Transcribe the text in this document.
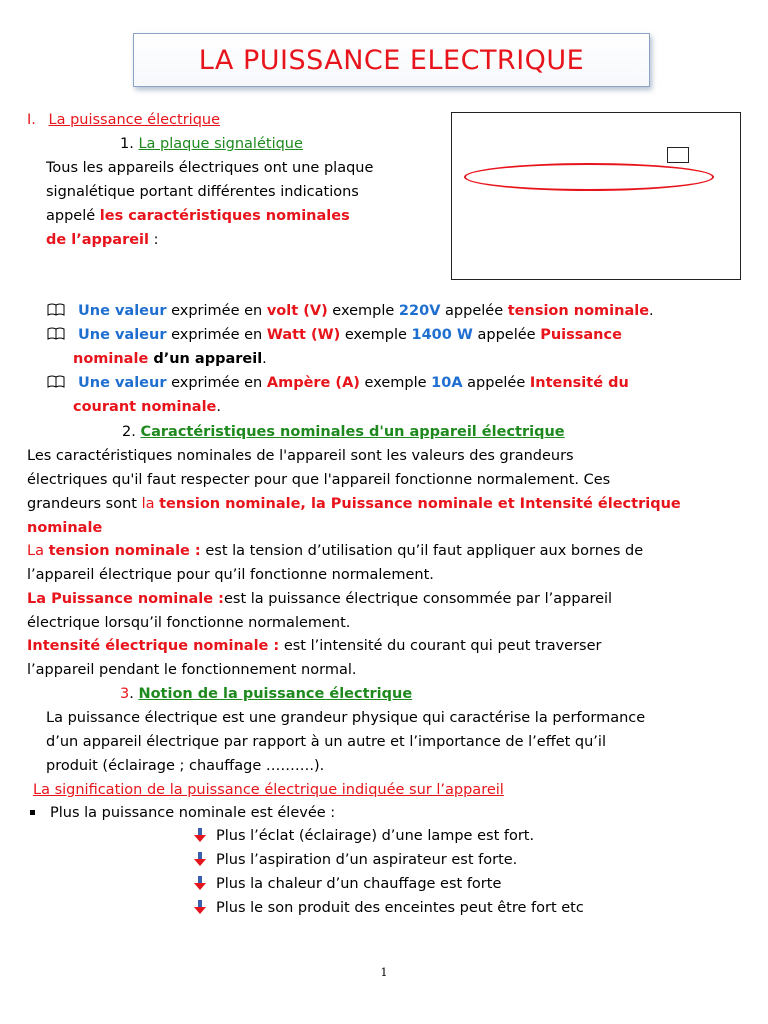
LA PUISSANCE ELECTRIQUE
I. La puissance électrique
1. La plaque signalétique
Tous les appareils électriques ont une plaque
signalétique portant différentes indications
appelé les caractéristiques nominales
de l’appareil :
Une valeur exprimée en volt (V) exemple 220V appelée tension nominale.
Une valeur exprimée en Watt (W) exemple 1400 W appelée Puissance
nominale d’un appareil.
Une valeur exprimée en Ampère (A) exemple 10A appelée Intensité du
courant nominale.
2. Caractéristiques nominales d'un appareil électrique
Les caractéristiques nominales de l'appareil sont les valeurs des grandeurs
électriques qu'il faut respecter pour que l'appareil fonctionne normalement. Ces
grandeurs sont la tension nominale, la Puissance nominale et Intensité électrique
nominale
La tension nominale : est la tension d’utilisation qu’il faut appliquer aux bornes de
l’appareil électrique pour qu’il fonctionne normalement.
La Puissance nominale :est la puissance électrique consommée par l’appareil
électrique lorsqu’il fonctionne normalement.
Intensité électrique nominale : est l’intensité du courant qui peut traverser
l’appareil pendant le fonctionnement normal.
3. Notion de la puissance électrique
La puissance électrique est une grandeur physique qui caractérise la performance
d’un appareil électrique par rapport à un autre et l’importance de l’effet qu’il
produit (éclairage ; chauffage ……….).
La signification de la puissance électrique indiquée sur l’appareil
Plus la puissance nominale est élevée :
Plus l’éclat (éclairage) d’une lampe est fort.
Plus l’aspiration d’un aspirateur est forte.
Plus la chaleur d’un chauffage est forte
Plus le son produit des enceintes peut être fort etc
1
